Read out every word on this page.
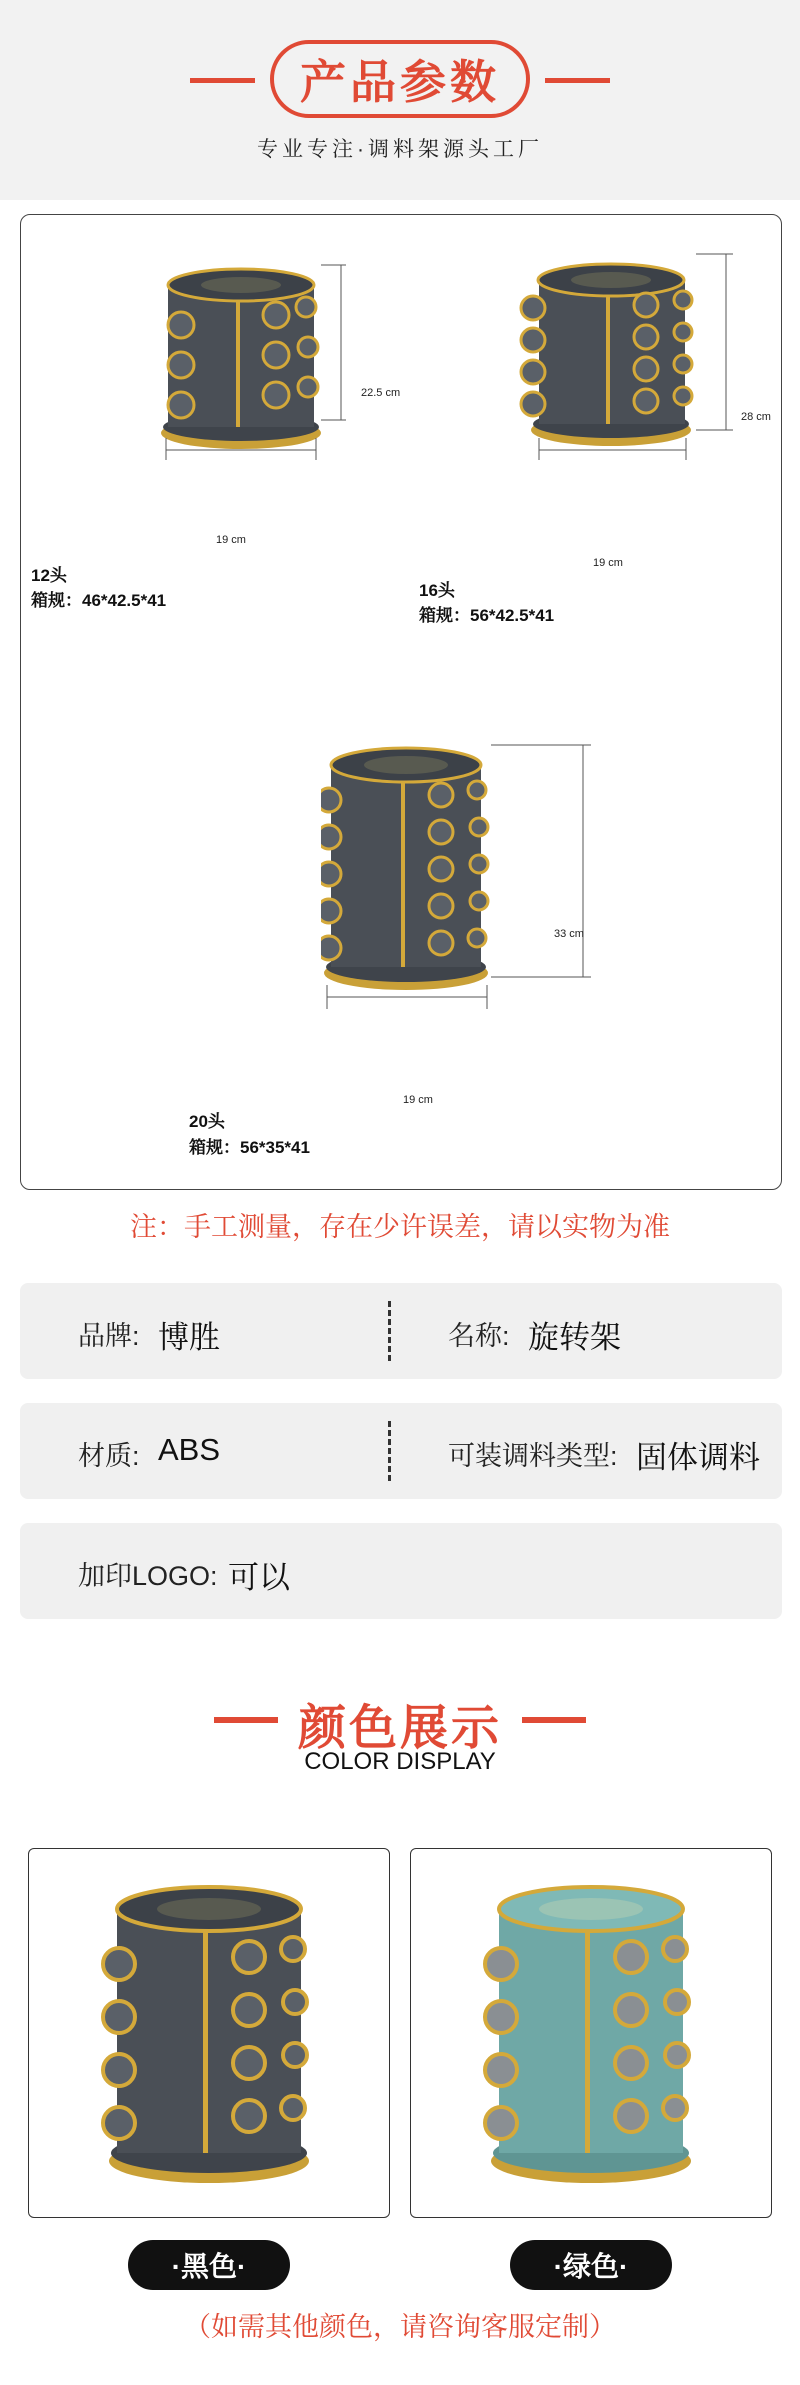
产品参数
专业专注·调料架源头工厂
22.5 cm
19 cm
12头
箱规：46*42.5*41
28 cm
19 cm
16头
箱规：56*42.5*41
33 cm
19 cm
20头
箱规：56*35*41
注：手工测量，存在少许误差，请以实物为准
品牌: 博胜	名称: 旋转架
材质: ABS	可装调料类型: 固体调料
加印LOGO: 可以
颜色展示
COLOR DISPLAY
·黑色·	·绿色·
（如需其他颜色，请咨询客服定制）
